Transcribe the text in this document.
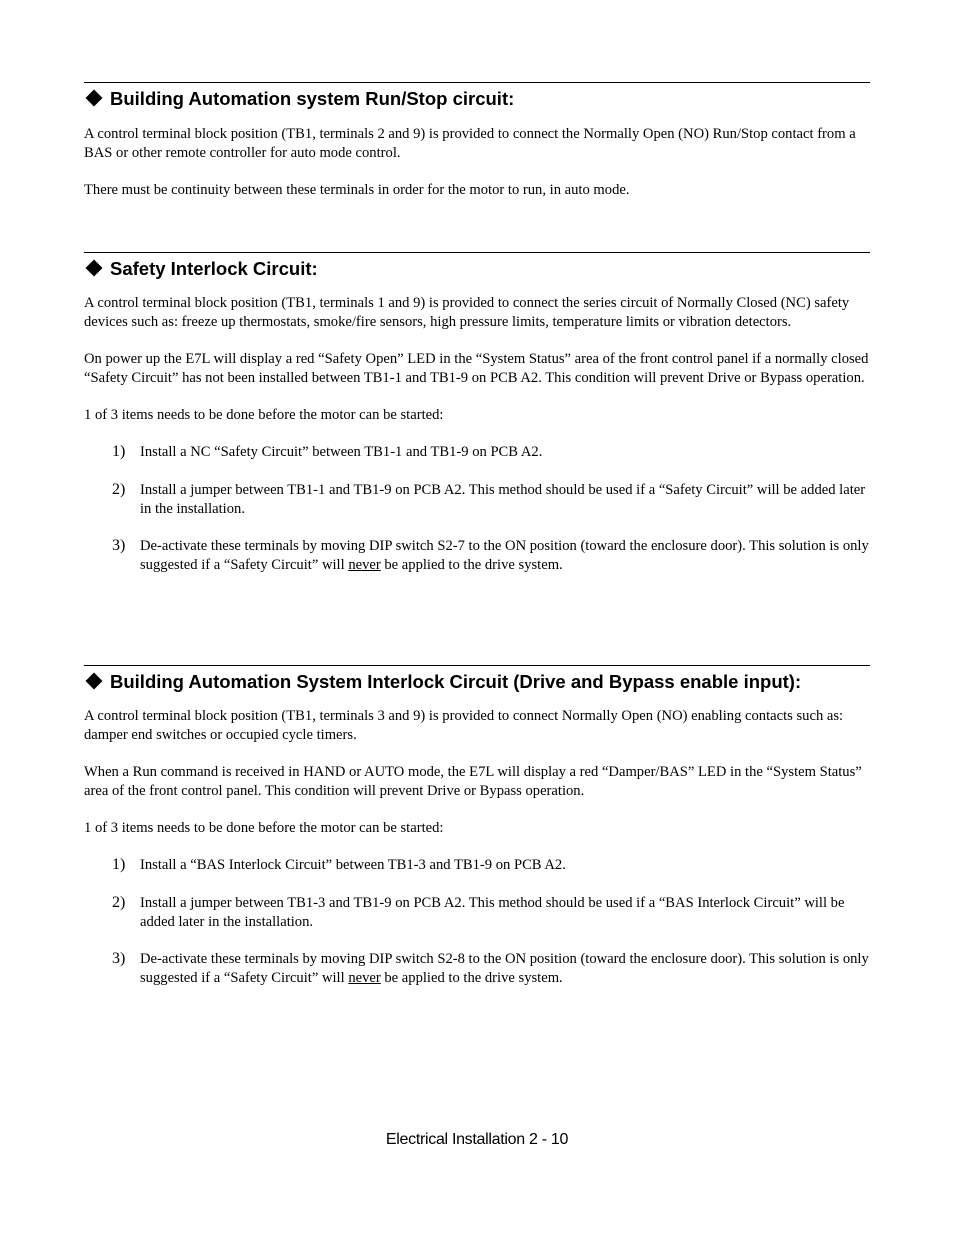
Building Automation system Run/Stop circuit:

A control terminal block position (TB1, terminals 2 and 9) is provided to connect the Normally Open (NO) Run/Stop contact from a BAS or other remote controller for auto mode control.

There must be continuity between these terminals in order for the motor to run, in auto mode.

Safety Interlock Circuit:

A control terminal block position (TB1, terminals 1 and 9) is provided to connect the series circuit of Normally Closed (NC) safety devices such as: freeze up thermostats, smoke/fire sensors, high pressure limits, temperature limits or vibration detectors.

On power up the E7L will display a red “Safety Open” LED in the “System Status” area of the front control panel if a normally closed “Safety Circuit” has not been installed between TB1-1 and TB1-9 on PCB A2. This condition will prevent Drive or Bypass operation.

1 of 3 items needs to be done before the motor can be started:

1) Install a NC “Safety Circuit” between TB1-1 and TB1-9 on PCB A2.

2) Install a jumper between TB1-1 and TB1-9 on PCB A2. This method should be used if a “Safety Circuit” will be added later in the installation.

3) De-activate these terminals by moving DIP switch S2-7 to the ON position (toward the enclosure door). This solution is only suggested if a “Safety Circuit” will never be applied to the drive system.

Building Automation System Interlock Circuit (Drive and Bypass enable input):

A control terminal block position (TB1, terminals 3 and 9) is provided to connect Normally Open (NO) enabling contacts such as: damper end switches or occupied cycle timers.

When a Run command is received in HAND or AUTO mode, the E7L will display a red “Damper/BAS” LED in the “System Status” area of the front control panel. This condition will prevent Drive or Bypass operation.

1 of 3 items needs to be done before the motor can be started:

1) Install a “BAS Interlock Circuit” between TB1-3 and TB1-9 on PCB A2.

2) Install a jumper between TB1-3 and TB1-9 on PCB A2. This method should be used if a “BAS Interlock Circuit” will be added later in the installation.

3) De-activate these terminals by moving DIP switch S2-8 to the ON position (toward the enclosure door). This solution is only suggested if a “Safety Circuit” will never be applied to the drive system.

Electrical Installation 2 - 10
